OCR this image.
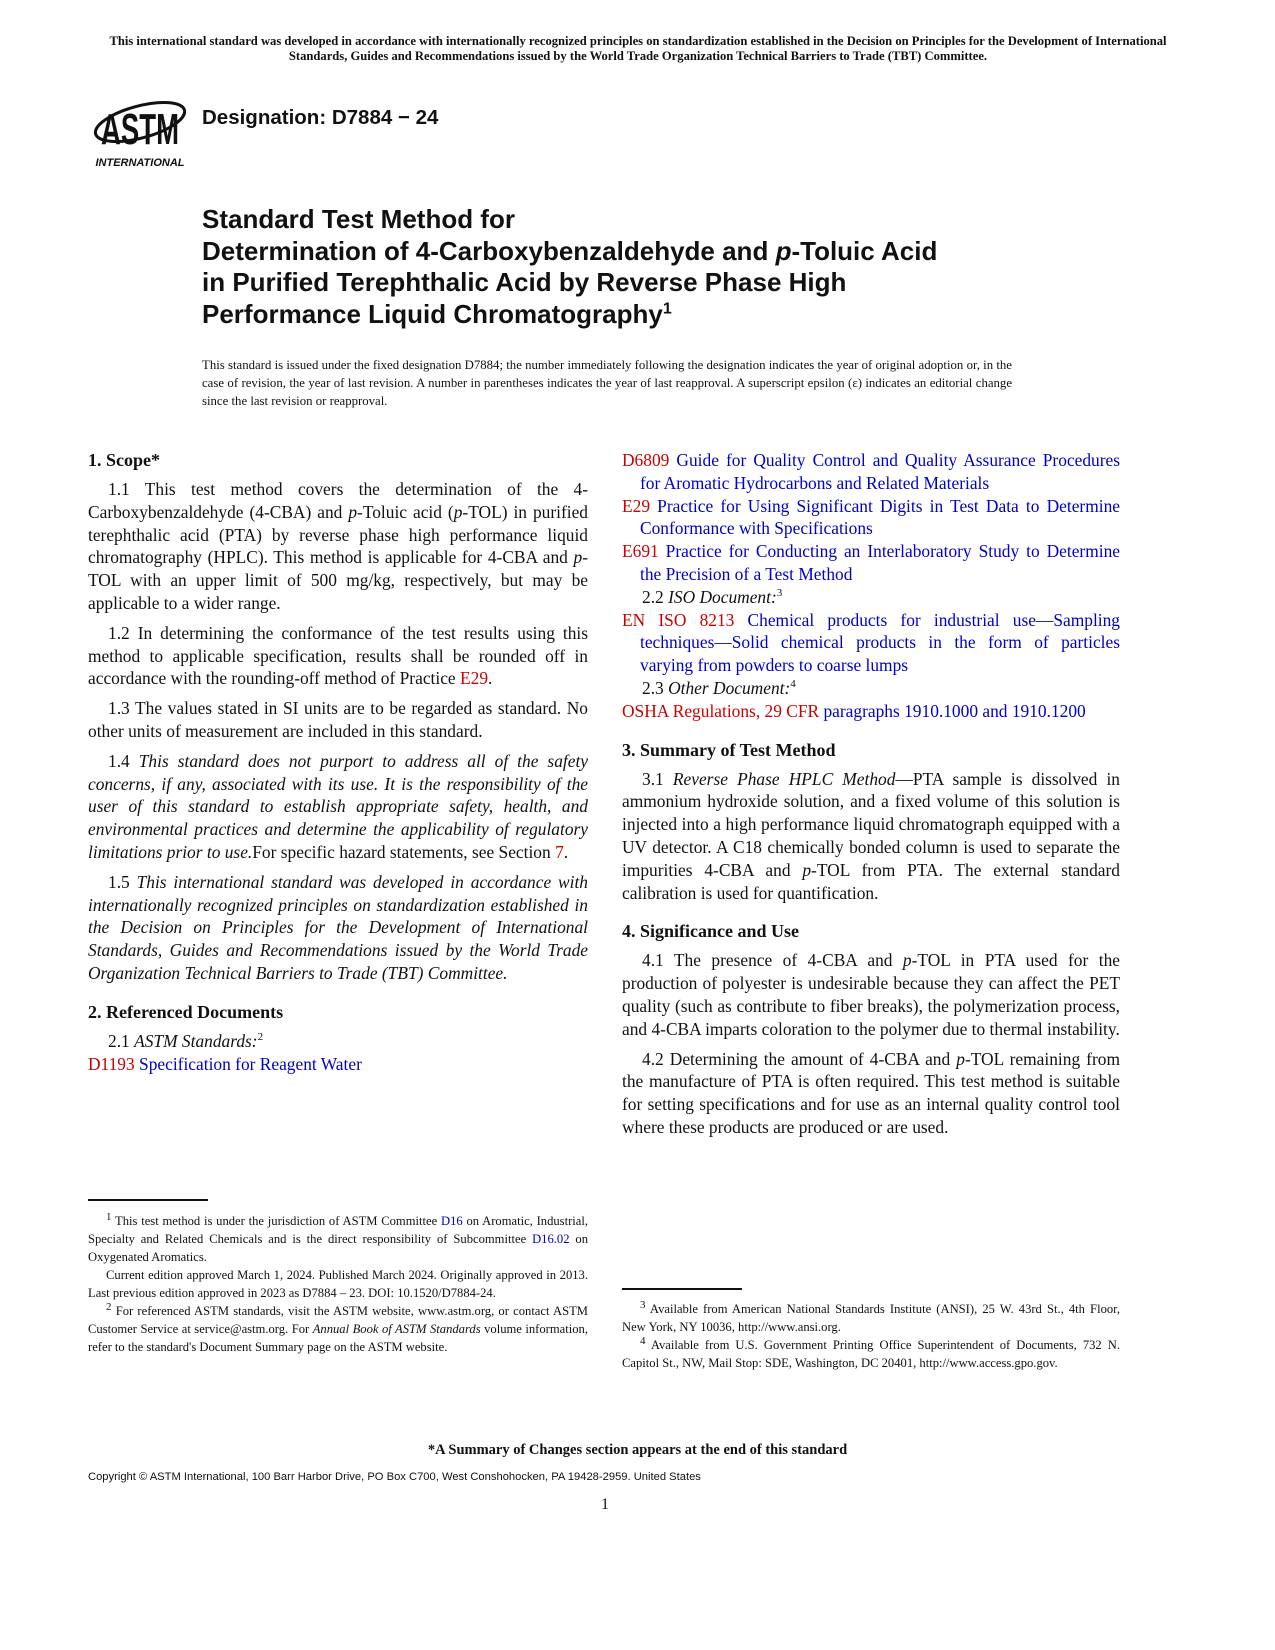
This international standard was developed in accordance with internationally recognized principles on standardization established in the Decision on Principles for the Development of International Standards, Guides and Recommendations issued by the World Trade Organization Technical Barriers to Trade (TBT) Committee.
ASTM
INTERNATIONAL
Designation: D7884 − 24
Standard Test Method for
Determination of 4-Carboxybenzaldehyde and p-Toluic Acid
in Purified Terephthalic Acid by Reverse Phase High
Performance Liquid Chromatography$^1$
This standard is issued under the fixed designation D7884; the number immediately following the designation indicates the year of original adoption or, in the case of revision, the year of last revision. A number in parentheses indicates the year of last reapproval. A superscript epsilon (ε) indicates an editorial change since the last revision or reapproval.
1. Scope*

1.1 This test method covers the determination of the 4-Carboxybenzaldehyde (4-CBA) and p-Toluic acid (p-TOL) in purified terephthalic acid (PTA) by reverse phase high performance liquid chromatography (HPLC). This method is applicable for 4-CBA and p- TOL with an upper limit of 500 mg/kg, respectively, but may be applicable to a wider range.

1.2 In determining the conformance of the test results using this method to applicable specification, results shall be rounded off in accordance with the rounding-off method of Practice E29.

1.3 The values stated in SI units are to be regarded as standard. No other units of measurement are included in this standard.

1.4 This standard does not purport to address all of the safety concerns, if any, associated with its use. It is the responsibility of the user of this standard to establish appropriate safety, health, and environmental practices and determine the applicability of regulatory limitations prior to use.For specific hazard statements, see Section 7.

1.5 This international standard was developed in accordance with internationally recognized principles on standardization established in the Decision on Principles for the Development of International Standards, Guides and Recommendations issued by the World Trade Organization Technical Barriers to Trade (TBT) Committee.

2. Referenced Documents

2.1 ASTM Standards:$^2$

D1193 Specification for Reagent Water

D6809 Guide for Quality Control and Quality Assurance Procedures for Aromatic Hydrocarbons and Related Materials

E29 Practice for Using Significant Digits in Test Data to Determine Conformance with Specifications

E691 Practice for Conducting an Interlaboratory Study to Determine the Precision of a Test Method

2.2 ISO Document:$^3$

EN ISO 8213 Chemical products for industrial use—Sampling techniques—Solid chemical products in the form of particles varying from powders to coarse lumps

2.3 Other Document:$^4$

OSHA Regulations, 29 CFR paragraphs 1910.1000 and 1910.1200

3. Summary of Test Method

3.1 Reverse Phase HPLC Method—PTA sample is dissolved in ammonium hydroxide solution, and a fixed volume of this solution is injected into a high performance liquid chromatograph equipped with a UV detector. A C18 chemically bonded column is used to separate the impurities 4-CBA and p-TOL from PTA. The external standard calibration is used for quantification.

4. Significance and Use

4.1 The presence of 4-CBA and p-TOL in PTA used for the production of polyester is undesirable because they can affect the PET quality (such as contribute to fiber breaks), the polymerization process, and 4-CBA imparts coloration to the polymer due to thermal instability.

4.2 Determining the amount of 4-CBA and p-TOL remaining from the manufacture of PTA is often required. This test method is suitable for setting specifications and for use as an internal quality control tool where these products are produced or are used.

$^1$ This test method is under the jurisdiction of ASTM Committee D16 on Aromatic, Industrial, Specialty and Related Chemicals and is the direct responsibility of Subcommittee D16.02 on Oxygenated Aromatics.

Current edition approved March 1, 2024. Published March 2024. Originally approved in 2013. Last previous edition approved in 2023 as D7884 – 23. DOI: 10.1520/D7884-24.

$^2$ For referenced ASTM standards, visit the ASTM website, www.astm.org, or contact ASTM Customer Service at service@astm.org. For Annual Book of ASTM Standards volume information, refer to the standard's Document Summary page on the ASTM website.

$^3$ Available from American National Standards Institute (ANSI), 25 W. 43rd St., 4th Floor, New York, NY 10036, http://www.ansi.org.

$^4$ Available from U.S. Government Printing Office Superintendent of Documents, 732 N. Capitol St., NW, Mail Stop: SDE, Washington, DC 20401, http://www.access.gpo.gov.

*A Summary of Changes section appears at the end of this standard
Copyright © ASTM International, 100 Barr Harbor Drive, PO Box C700, West Conshohocken, PA 19428-2959. United States
1
